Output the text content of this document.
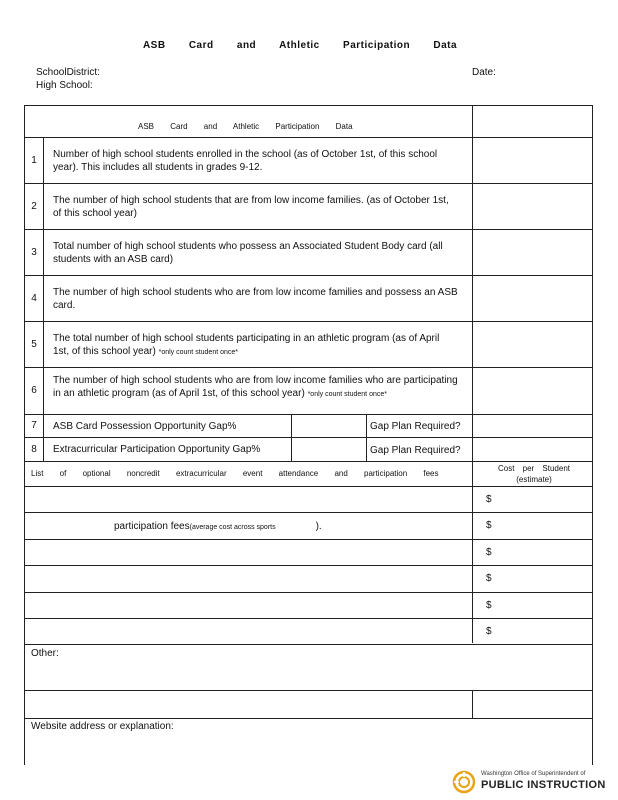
ASB Card and Athletic Participation Data
SchoolDistrict:	Date:
High School:
ASB Card and Athletic Participation Data
1
Number of high school students enrolled in the school (as of October 1st, of this school year). This includes all students in grades 9-12.
2
The number of high school students that are from low income families. (as of October 1st, of this school year)
3
Total number of high school students who possess an Associated Student Body card (all students with an ASB card)
4
The number of high school students who are from low income families and possess an ASB card.
5
The total number of high school students participating in an athletic program (as of April 1st, of this school year) *only count student once*
6
The number of high school students who are from low income families who are participating in an athletic program (as of April 1st, of this school year) *only count student once*
7	ASB Card Possession Opportunity Gap%	Gap Plan Required?
8	Extracurricular Participation Opportunity Gap%	Gap Plan Required?
List of optional noncredit extracurricular event attendance and participation fees
Cost per Student (estimate)
$
participation fees(average cost across sports	).	$
$
$
$
$
Other:
Website address or explanation:
Washington Office of Superintendent of
PUBLIC INSTRUCTION
